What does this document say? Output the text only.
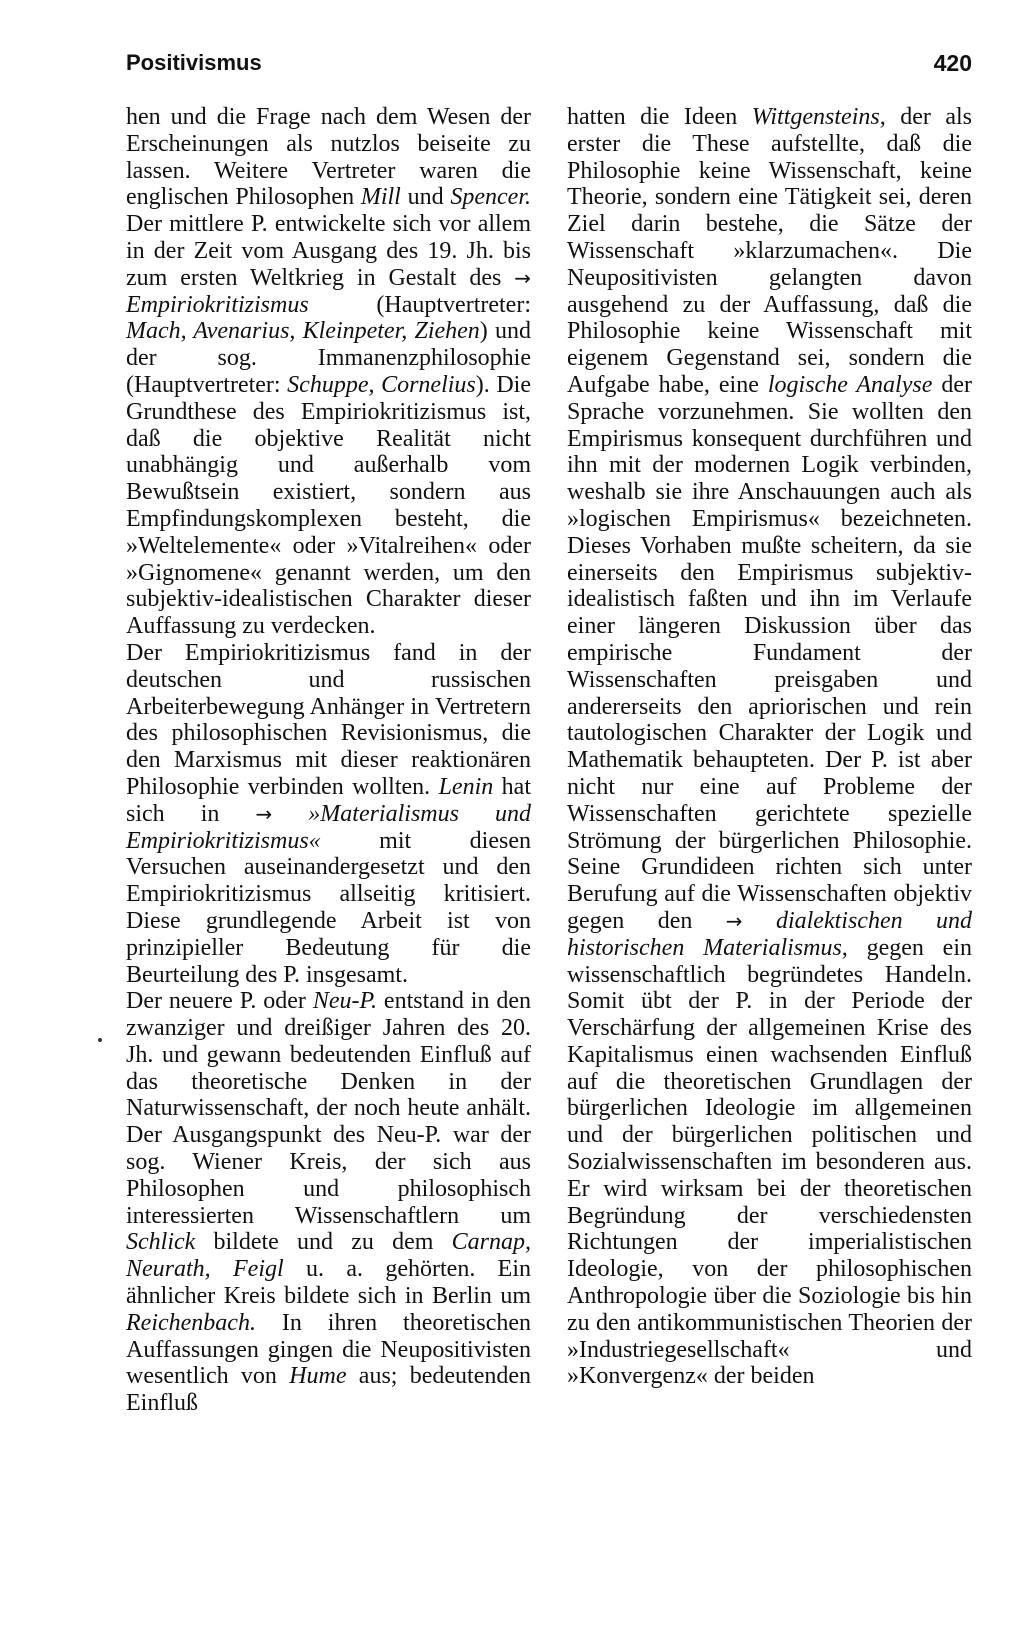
Positivismus	420

hen und die Frage nach dem Wesen der Erscheinungen als nutzlos beiseite zu lassen. Weitere Vertreter waren die englischen Philosophen Mill und Spencer. Der mittlere P. entwickelte sich vor allem in der Zeit vom Ausgang des 19. Jh. bis zum ersten Weltkrieg in Gestalt des → Empiriokritizismus (Hauptvertreter: Mach, Avenarius, Kleinpeter, Ziehen) und der sog. Immanenzphilosophie (Hauptvertreter: Schuppe, Cornelius). Die Grundthese des Empiriokritizismus ist, daß die objektive Realität nicht unabhängig und außerhalb vom Bewußtsein existiert, sondern aus Empfindungskomplexen besteht, die »Weltelemente« oder »Vitalreihen« oder »Gignomene« genannt werden, um den subjektiv-idealistischen Charakter dieser Auffassung zu verdecken.

Der Empiriokritizismus fand in der deutschen und russischen Arbeiterbewegung Anhänger in Vertretern des philosophischen Revisionismus, die den Marxismus mit dieser reaktionären Philosophie verbinden wollten. Lenin hat sich in → »Materialismus und Empiriokritizismus« mit diesen Versuchen auseinandergesetzt und den Empiriokritizismus allseitig kritisiert. Diese grundlegende Arbeit ist von prinzipieller Bedeutung für die Beurteilung des P. insgesamt.

Der neuere P. oder Neu-P. entstand in den zwanziger und dreißiger Jahren des 20. Jh. und gewann bedeutenden Einfluß auf das theoretische Denken in der Naturwissenschaft, der noch heute anhält. Der Ausgangspunkt des Neu-P. war der sog. Wiener Kreis, der sich aus Philosophen und philosophisch interessierten Wissenschaftlern um Schlick bildete und zu dem Carnap, Neurath, Feigl u. a. gehörten. Ein ähnlicher Kreis bildete sich in Berlin um Reichenbach. In ihren theoretischen Auffassungen gingen die Neupositivisten wesentlich von Hume aus; bedeutenden Einfluß

hatten die Ideen Wittgensteins, der als erster die These aufstellte, daß die Philosophie keine Wissenschaft, keine Theorie, sondern eine Tätigkeit sei, deren Ziel darin bestehe, die Sätze der Wissenschaft »klarzumachen«. Die Neupositivisten gelangten davon ausgehend zu der Auffassung, daß die Philosophie keine Wissenschaft mit eigenem Gegenstand sei, sondern die Aufgabe habe, eine logische Analyse der Sprache vorzunehmen. Sie wollten den Empirismus konsequent durchführen und ihn mit der modernen Logik verbinden, weshalb sie ihre Anschauungen auch als »logischen Empirismus« bezeichneten. Dieses Vorhaben mußte scheitern, da sie einerseits den Empirismus subjektiv-idealistisch faßten und ihn im Verlaufe einer längeren Diskussion über das empirische Fundament der Wissenschaften preisgaben und andererseits den apriorischen und rein tautologischen Charakter der Logik und Mathematik behaupteten. Der P. ist aber nicht nur eine auf Probleme der Wissenschaften gerichtete spezielle Strömung der bürgerlichen Philosophie. Seine Grundideen richten sich unter Berufung auf die Wissenschaften objektiv gegen den → dialektischen und historischen Materialismus, gegen ein wissenschaftlich begründetes Handeln. Somit übt der P. in der Periode der Verschärfung der allgemeinen Krise des Kapitalismus einen wachsenden Einfluß auf die theoretischen Grundlagen der bürgerlichen Ideologie im allgemeinen und der bürgerlichen politischen und Sozialwissenschaften im besonderen aus. Er wird wirksam bei der theoretischen Begründung der verschiedensten Richtungen der imperialistischen Ideologie, von der philosophischen Anthropologie über die Soziologie bis hin zu den antikommunistischen Theorien der »Industriegesellschaft« und »Konvergenz« der beiden
